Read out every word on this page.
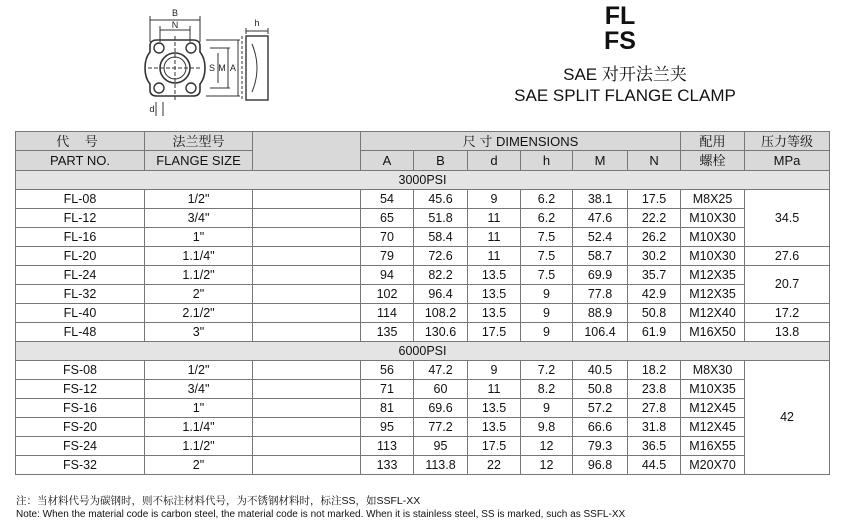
B
N
M A
S
d
h	FL
FS
SAE 对开法兰夹
SAE SPLIT FLANGE CLAMP
代 号	法兰型号		尺 寸 DIMENSIONS						配用	压力等级
PART NO.	FLANGE SIZE		A	B	d	h	M	N	螺栓	MPa
3000PSI										
FL-08	1/2"		54	45.6	9	6.2	38.1	17.5	M8X25	34.5
FL-12	3/4"		65	51.8	11	6.2	47.6	22.2	M10X30	
FL-16	1"		70	58.4	11	7.5	52.4	26.2	M10X30	
FL-20	1.1/4"		79	72.6	11	7.5	58.7	30.2	M10X30	27.6
FL-24	1.1/2"		94	82.2	13.5	7.5	69.9	35.7	M12X35	20.7
FL-32	2"		102	96.4	13.5	9	77.8	42.9	M12X35	
FL-40	2.1/2"		114	108.2	13.5	9	88.9	50.8	M12X40	17.2
FL-48	3"		135	130.6	17.5	9	106.4	61.9	M16X50	13.8
6000PSI										
FS-08	1/2"		56	47.2	9	7.2	40.5	18.2	M8X30	42
FS-12	3/4"		71	60	11	8.2	50.8	23.8	M10X35	
FS-16	1"		81	69.6	13.5	9	57.2	27.8	M12X45	
FS-20	1.1/4"		95	77.2	13.5	9.8	66.6	31.8	M12X45	
FS-24	1.1/2"		113	95	17.5	12	79.3	36.5	M16X55	
FS-32	2"		133	113.8	22	12	96.8	44.5	M20X70	
注：当材料代号为碳钢时，则不标注材料代号，为不锈钢材料时，标注SS，如SSFL-XX
Note: When the material code is carbon steel, the material code is not marked. When it is stainless steel, SS is marked, such as SSFL-XX
